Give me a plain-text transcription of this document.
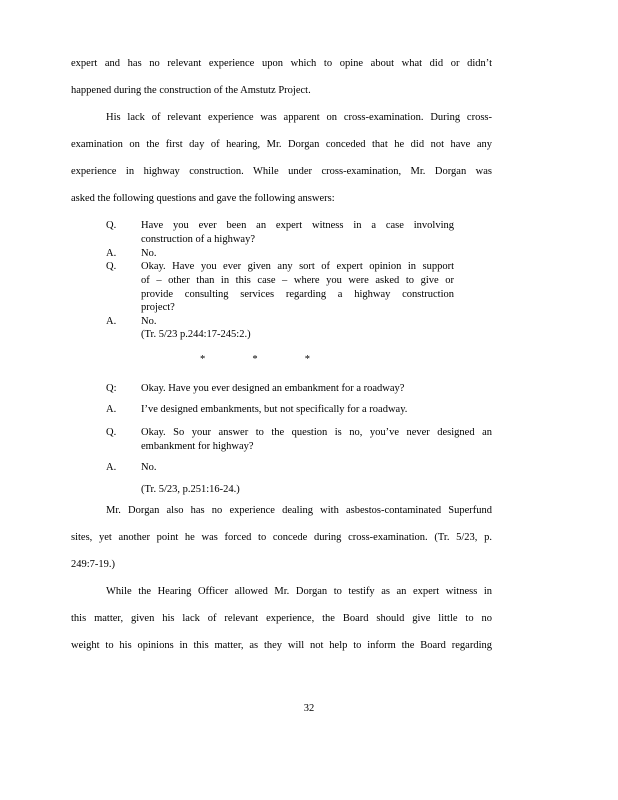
expert and has no relevant experience upon which to opine about what did or didn’t
happened during the construction of the Amstutz Project.
His lack of relevant experience was apparent on cross-examination. During cross-
examination on the first day of hearing, Mr. Dorgan conceded that he did not have any
experience in highway construction. While under cross-examination, Mr. Dorgan was
asked the following questions and gave the following answers:
Q. Have you ever been an expert witness in a case involving
construction of a highway?
A. No.
Q. Okay. Have you ever given any sort of expert opinion in support
of – other than in this case – where you were asked to give or
provide consulting services regarding a highway construction
project?
A. No.
(Tr. 5/23 p.244:17-245:2.)
*	*	*
Q: Okay. Have you ever designed an embankment for a roadway?
A. I’ve designed embankments, but not specifically for a roadway.
Q. Okay. So your answer to the question is no, you’ve never designed an
embankment for highway?
A. No.
(Tr. 5/23, p.251:16-24.)
Mr. Dorgan also has no experience dealing with asbestos-contaminated Superfund
sites, yet another point he was forced to concede during cross-examination. (Tr. 5/23, p.
249:7-19.)
While the Hearing Officer allowed Mr. Dorgan to testify as an expert witness in
this matter, given his lack of relevant experience, the Board should give little to no
weight to his opinions in this matter, as they will not help to inform the Board regarding
32
